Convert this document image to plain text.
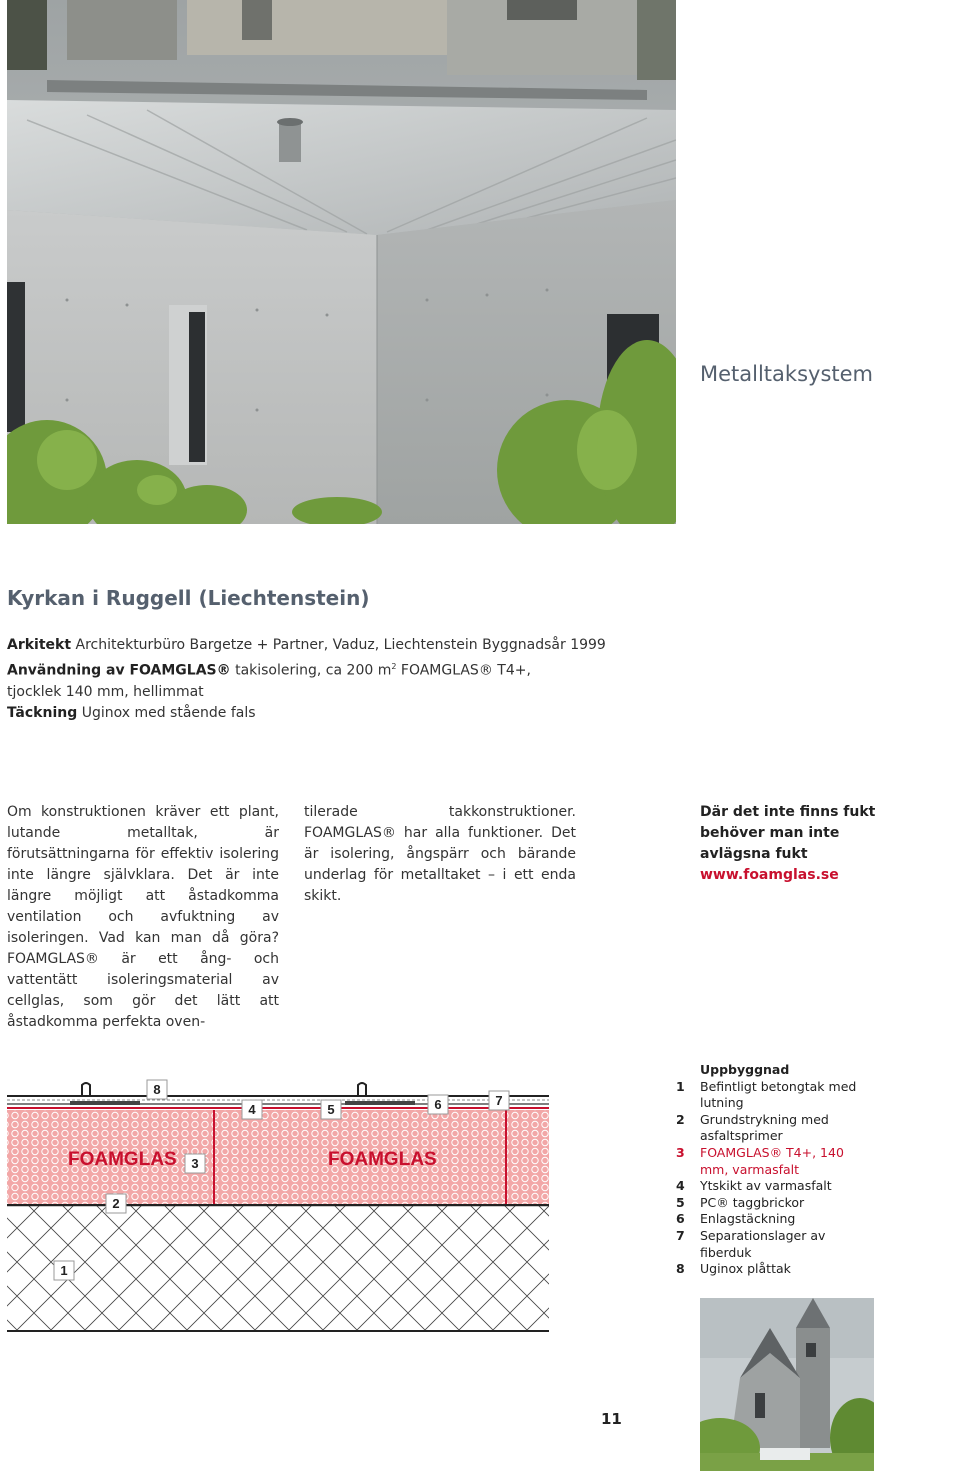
Metalltaksystem
Kyrkan i Ruggell (Liechtenstein)
Arkitekt Architekturbüro Bargetze + Partner, Vaduz, Liechtenstein Byggnadsår 1999
Användning av FOAMGLAS® takisolering, ca 200 $m^2$ FOAMGLAS® T4+,
tjocklek 140 mm, hellimmat
Täckning Uginox med stående fals
Om konstruktionen kräver ett plant, lutande metalltak, är förutsättningarna för effektiv isolering inte längre självklara. Det är inte längre möjligt att åstadkomma ventilation och avfuktning av isoleringen. Vad kan man då göra? FOAMGLAS® är ett ång- och vattentätt isoleringsmaterial av cellglas, som gör det lätt att åstadkomma perfekta oven-
tilerade takkonstruktioner. FOAMGLAS® har alla funktioner. Det är isolering, ångspärr och bärande underlag för metalltaket – i ett enda skikt.
Där det inte finns fukt behöver man inte avlägsna fukt
www.foamglas.se
FOAMGLAS	FOAMGLAS
8
4	5	6	7
3
2
1
Uppbyggnad
1	Befintligt betongtak med lutning
2	Grundstrykning med asfaltsprimer
3	FOAMGLAS® T4+, 140 mm, varmasfalt
4	Ytskikt av varmasfalt
5	PC® taggbrickor
6	Enlagstäckning
7	Separationslager av fiberduk
8	Uginox plåttak
11
